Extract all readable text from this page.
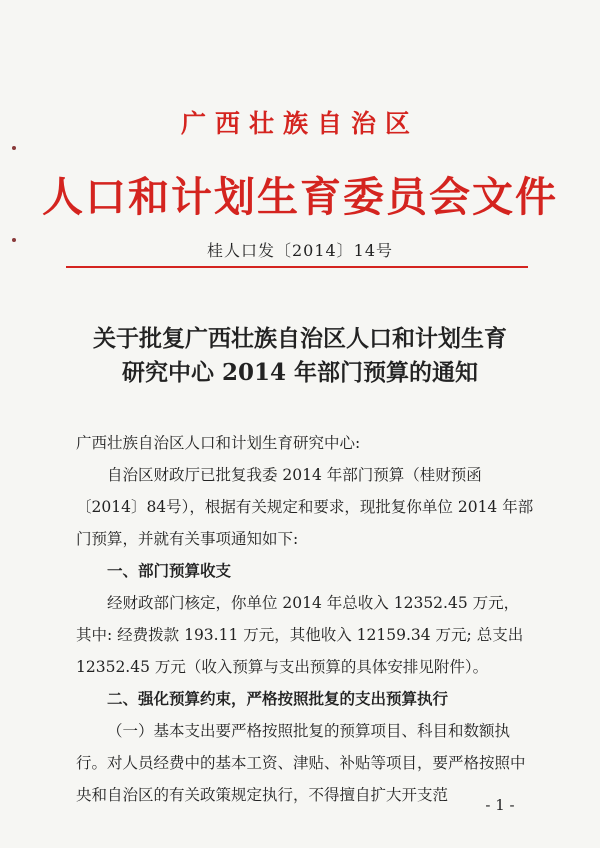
广西壮族自治区
人口和计划生育委员会文件
桂人口发〔2014〕14号
关于批复广西壮族自治区人口和计划生育
研究中心 2014 年部门预算的通知

广西壮族自治区人口和计划生育研究中心:

自治区财政厅已批复我委 2014 年部门预算（桂财预函〔2014〕84号），根据有关规定和要求，现批复你单位 2014 年部门预算，并就有关事项通知如下:

一、部门预算收支

经财政部门核定，你单位 2014 年总收入 12352.45 万元，其中: 经费拨款 193.11 万元，其他收入 12159.34 万元; 总支出 12352.45 万元（收入预算与支出预算的具体安排见附件）。

二、强化预算约束，严格按照批复的支出预算执行

（一）基本支出要严格按照批复的预算项目、科目和数额执行。对人员经费中的基本工资、津贴、补贴等项目，要严格按照中央和自治区的有关政策规定执行，不得擅自扩大开支范

- 1 -
